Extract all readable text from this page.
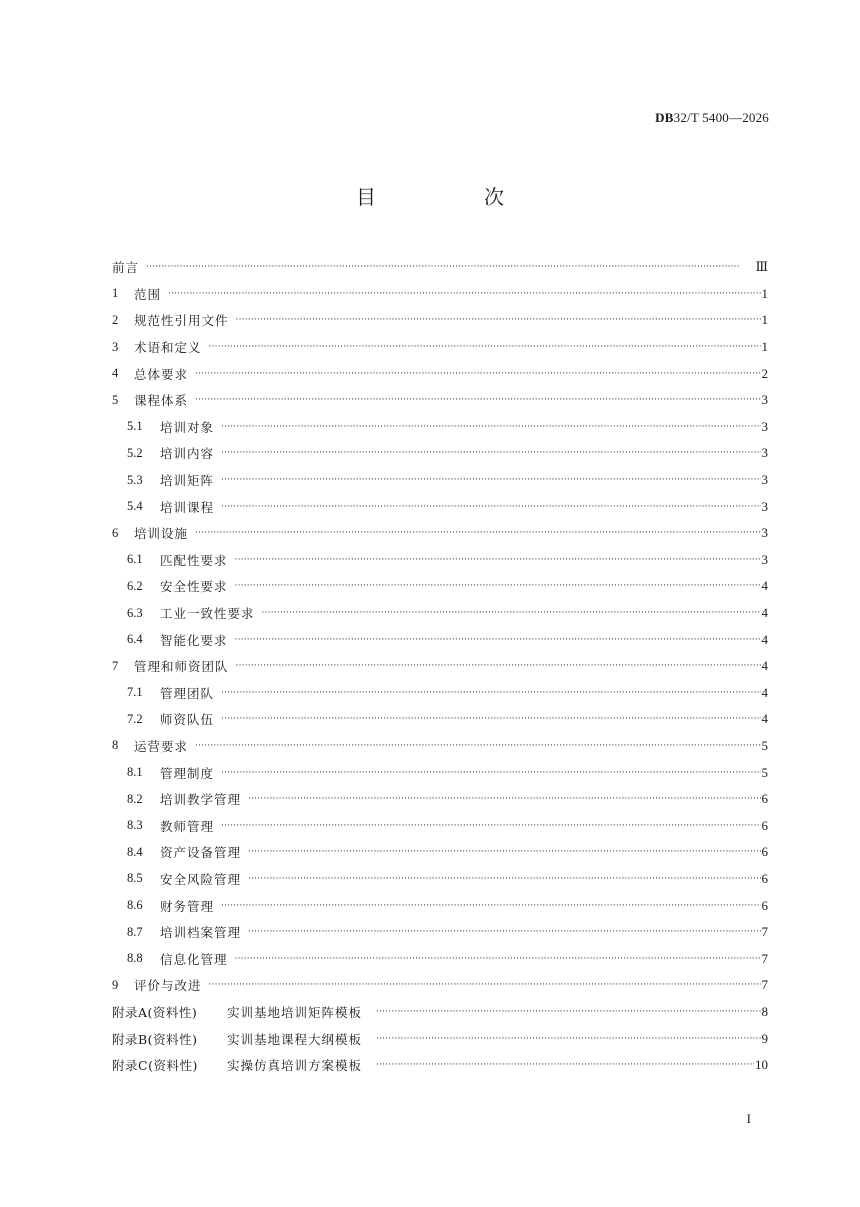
DB32/T 5400—2026
目　次
前言 ·····	Ⅲ
1	范围 ·····	1
2	规范性引用文件 ·····	1
3	术语和定义 ·····	1
4	总体要求 ·····	2
5	课程体系 ·····	3
5.1	培训对象 ·····	3
5.2	培训内容 ·····	3
5.3	培训矩阵 ·····	3
5.4	培训课程 ·····	3
6	培训设施 ·····	3
6.1	匹配性要求 ·····	3
6.2	安全性要求 ·····	4
6.3	工业一致性要求 ·····	4
6.4	智能化要求 ·····	4
7	管理和师资团队 ·····	4
7.1	管理团队 ·····	4
7.2	师资队伍 ·····	4
8	运营要求 ·····	5
8.1	管理制度 ·····	5
8.2	培训教学管理 ·····	6
8.3	教师管理 ·····	6
8.4	资产设备管理 ·····	6
8.5	安全风险管理 ·····	6
8.6	财务管理 ·····	6
8.7	培训档案管理 ·····	7
8.8	信息化管理 ·····	7
9	评价与改进 ·····	7
附录A(资料性)	实训基地培训矩阵模板 ·····	8
附录B(资料性)	实训基地课程大纲模板 ·····	9
附录C(资料性)	实操仿真培训方案模板 ·····	10
I
